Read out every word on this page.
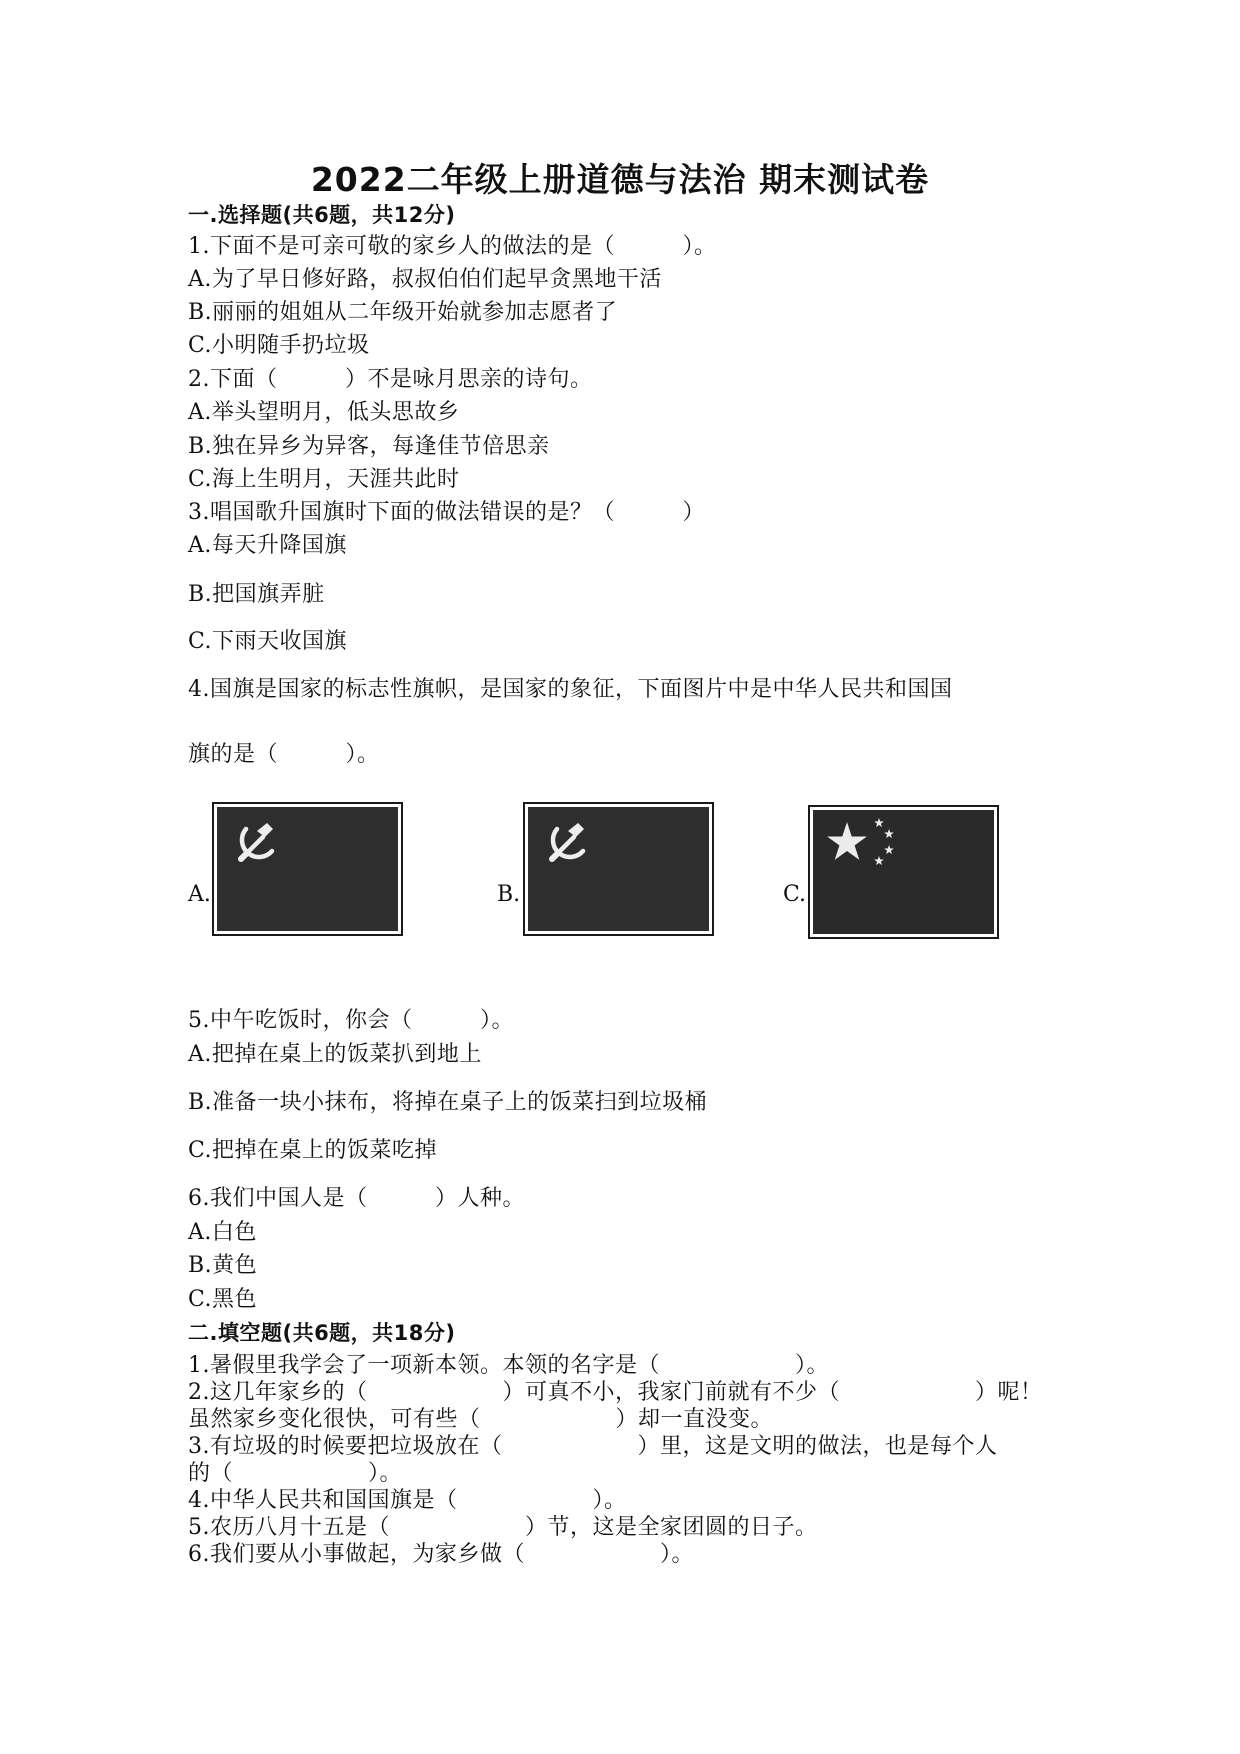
2022二年级上册道德与法治 期末测试卷
一.选择题(共6题，共12分)
1.下面不是可亲可敬的家乡人的做法的是（　　　）。
A.为了早日修好路，叔叔伯伯们起早贪黑地干活
B.丽丽的姐姐从二年级开始就参加志愿者了
C.小明随手扔垃圾
2.下面（　　　）不是咏月思亲的诗句。
A.举头望明月，低头思故乡
B.独在异乡为异客，每逢佳节倍思亲
C.海上生明月，天涯共此时
3.唱国歌升国旗时下面的做法错误的是？（　　　）
A.每天升降国旗
B.把国旗弄脏
C.下雨天收国旗
4.国旗是国家的标志性旗帜，是国家的象征，下面图片中是中华人民共和国国
旗的是（　　　）。
A.	B.	C.
5.中午吃饭时，你会（　　　）。
A.把掉在桌上的饭菜扒到地上
B.准备一块小抹布，将掉在桌子上的饭菜扫到垃圾桶
C.把掉在桌上的饭菜吃掉
6.我们中国人是（　　　）人种。
A.白色
B.黄色
C.黑色
二.填空题(共6题，共18分)
1.暑假里我学会了一项新本领。本领的名字是（　　　　　　）。
2.这几年家乡的（　　　　　　）可真不小，我家门前就有不少（　　　　　　）呢！
虽然家乡变化很快，可有些（　　　　　　）却一直没变。
3.有垃圾的时候要把垃圾放在（　　　　　　）里，这是文明的做法，也是每个人
的（　　　　　　）。
4.中华人民共和国国旗是（　　　　　　）。
5.农历八月十五是（　　　　　　）节，这是全家团圆的日子。
6.我们要从小事做起，为家乡做（　　　　　　）。
